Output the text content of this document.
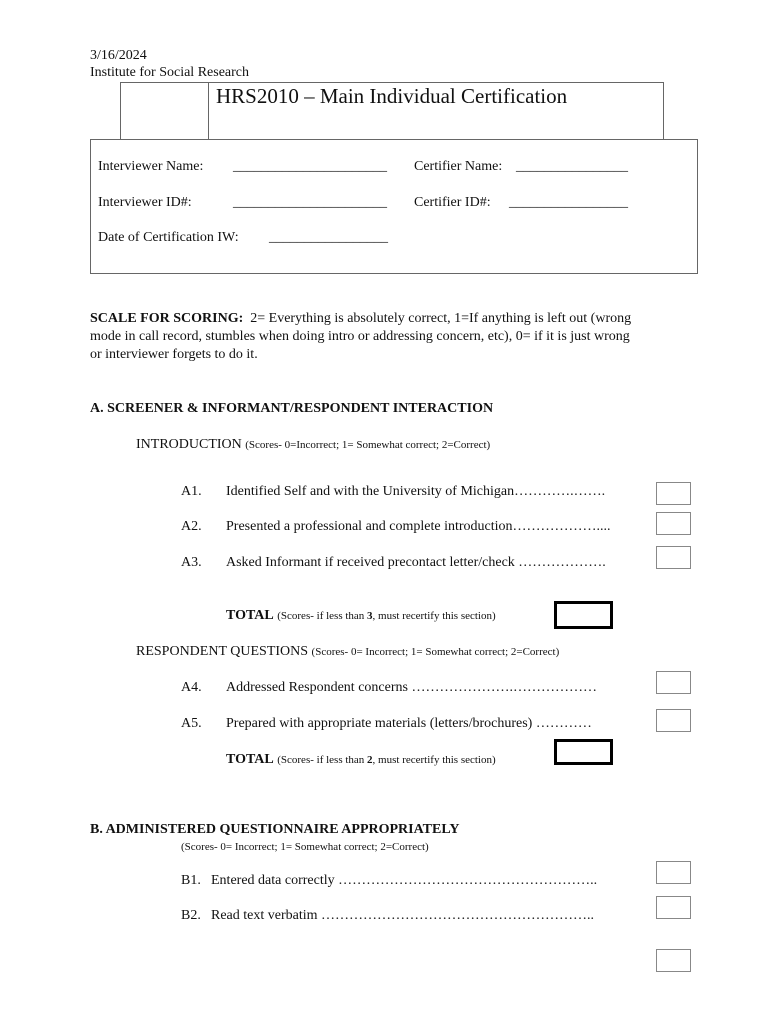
3/16/2024
Institute for Social Research
HRS2010 – Main Individual Certification
Interviewer Name: ______________________ Certifier Name: ________________
Interviewer ID#:	______________________ Certifier ID#: _________________
Date of Certification IW: _________________
SCALE FOR SCORING: 2= Everything is absolutely correct, 1=If anything is left out (wrong
mode in call record, stumbles when doing intro or addressing concern, etc), 0= if it is just wrong
or interviewer forgets to do it.
A. SCREENER & INFORMANT/RESPONDENT INTERACTION
INTRODUCTION (Scores- 0=Incorrect; 1= Somewhat correct; 2=Correct)
A1. Identified Self and with the University of Michigan………….…….
A2. Presented a professional and complete introduction………………....
A3. Asked Informant if received precontact letter/check ……………….
TOTAL (Scores- if less than 3, must recertify this section)
RESPONDENT QUESTIONS (Scores- 0= Incorrect; 1= Somewhat correct; 2=Correct)
A4. Addressed Respondent concerns ………………….………………
A5. Prepared with appropriate materials (letters/brochures) …………
TOTAL (Scores- if less than 2, must recertify this section)
B. ADMINISTERED QUESTIONNAIRE APPROPRIATELY
(Scores- 0= Incorrect; 1= Somewhat correct; 2=Correct)
B1. Entered data correctly ………………………………………………..
B2. Read text verbatim …………………………………………………..
